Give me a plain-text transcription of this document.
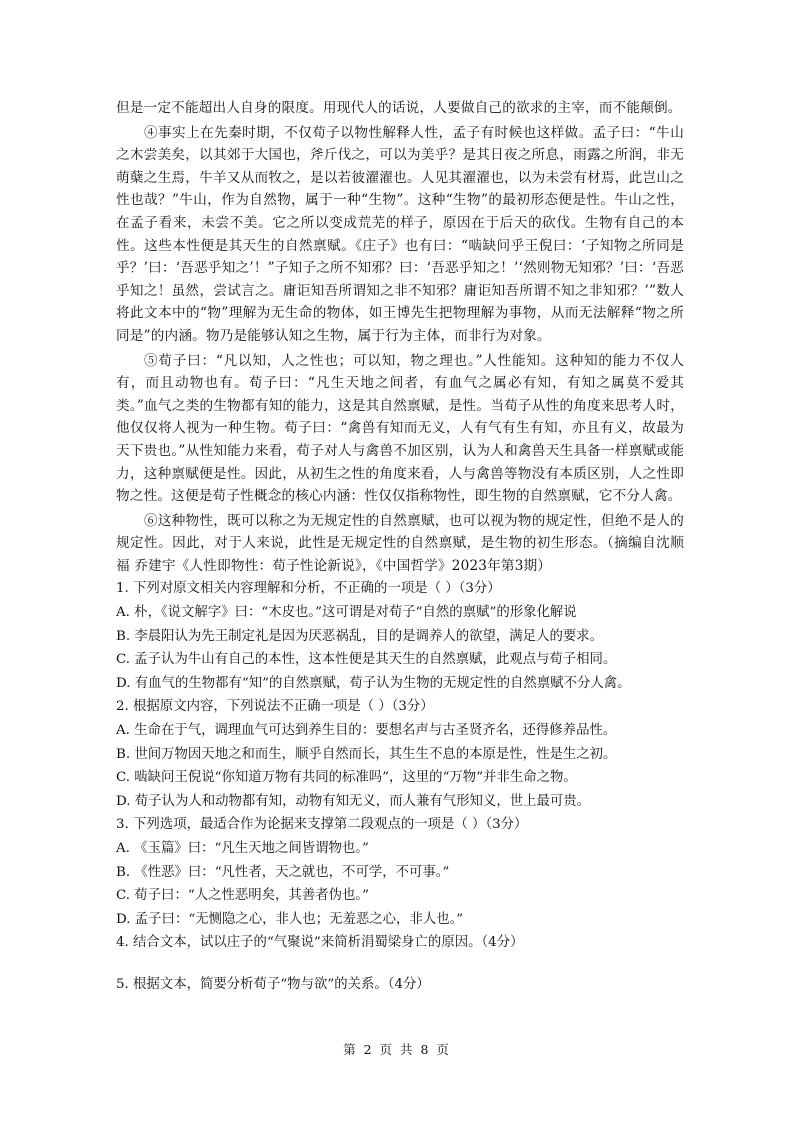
但是一定不能超出人自身的限度。用现代人的话说，人要做自己的欲求的主宰，而不能颠倒。

④事实上在先秦时期，不仅荀子以物性解释人性，孟子有时候也这样做。孟子曰：“牛山之木尝美矣，以其郊于大国也，斧斤伐之，可以为美乎？是其日夜之所息，雨露之所润，非无萌蘖之生焉，牛羊又从而牧之，是以若彼濯濯也。人见其濯濯也，以为未尝有材焉，此岂山之性也哉？”牛山，作为自然物，属于一种“生物”。这种“生物”的最初形态便是性。牛山之性，在孟子看来，未尝不美。它之所以变成荒芜的样子，原因在于后天的砍伐。生物有自己的本性。这些本性便是其天生的自然禀赋。《庄子》也有曰：“啮缺问乎王倪曰：‘子知物之所同是乎？’曰：‘吾恶乎知之’！”子知子之所不知邪？曰：‘吾恶乎知之！’‘然则物无知邪？’曰：‘吾恶乎知之！虽然，尝试言之。庸讵知吾所谓知之非不知邪？庸讵知吾所谓不知之非知邪？’”数人将此文本中的“物”理解为无生命的物体，如王博先生把物理解为事物，从而无法解释“物之所同是”的内涵。物乃是能够认知之生物，属于行为主体，而非行为对象。

⑤荀子曰：“凡以知，人之性也；可以知，物之理也。”人性能知。这种知的能力不仅人有，而且动物也有。荀子曰：“凡生天地之间者，有血气之属必有知，有知之属莫不爱其类。”血气之类的生物都有知的能力，这是其自然禀赋，是性。当荀子从性的角度来思考人时，他仅仅将人视为一种生物。荀子曰：“禽兽有知而无义，人有气有生有知，亦且有义，故最为天下贵也。”从性知能力来看，荀子对人与禽兽不加区别，认为人和禽兽天生具备一样禀赋或能力，这种禀赋便是性。因此，从初生之性的角度来看，人与禽兽等物没有本质区别，人之性即物之性。这便是荀子性概念的核心内涵：性仅仅指称物性，即生物的自然禀赋，它不分人禽。

⑥这种物性，既可以称之为无规定性的自然禀赋，也可以视为物的规定性，但绝不是人的规定性。因此，对于人来说，此性是无规定性的自然禀赋，是生物的初生形态。（摘编自沈顺福 乔建宇《人性即物性：荀子性论新说》，《中国哲学》2023年第3期）

1. 下列对原文相关内容理解和分析，不正确的一项是（ ）（3分）

A. 朴，《说文解字》曰：“木皮也。”这可谓是对荀子“自然的禀赋”的形象化解说

B. 李晨阳认为先王制定礼是因为厌恶祸乱，目的是调养人的欲望，满足人的要求。

C. 孟子认为牛山有自己的本性，这本性便是其天生的自然禀赋，此观点与荀子相同。

D. 有血气的生物都有“知”的自然禀赋，荀子认为生物的无规定性的自然禀赋不分人禽。

2. 根据原文内容，下列说法不正确一项是（ ）（3分）

A. 生命在于气，调理血气可达到养生目的：要想名声与古圣贤齐名，还得修养品性。

B. 世间万物因天地之和而生，顺乎自然而长，其生生不息的本原是性，性是生之初。

C. 啮缺问王倪说“你知道万物有共同的标准吗”，这里的“万物”并非生命之物。

D. 荀子认为人和动物都有知，动物有知无义，而人兼有气形知义，世上最可贵。

3. 下列选项，最适合作为论据来支撑第二段观点的一项是（ ）（3分）

A. 《玉篇》曰：“凡生天地之间皆谓物也。”

B. 《性恶》曰：“凡性者，天之就也，不可学，不可事。”

C. 荀子曰：“人之性恶明矣，其善者伪也。”

D. 孟子曰：“无恻隐之心，非人也；无羞恶之心，非人也。”

4. 结合文本，试以庄子的“气聚说”来简析涓蜀梁身亡的原因。（4分）

5. 根据文本，简要分析荀子“物与欲”的关系。（4分）

第 2 页 共 8 页
